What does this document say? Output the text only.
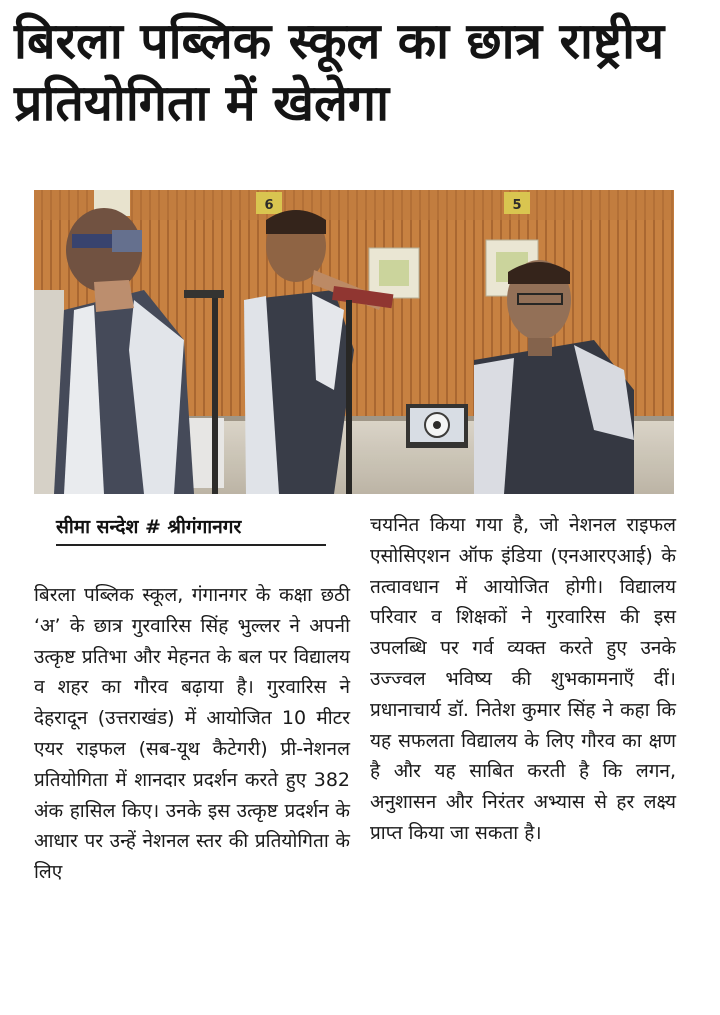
बिरला पब्लिक स्कूल का छात्र राष्ट्रीय प्रतियोगिता में खेलेगा
6	5
सीमा सन्देश # श्रीगंगानगर
बिरला पब्लिक स्कूल, गंगानगर के कक्षा छठी ‘अ’ के छात्र गुरवारिस सिंह भुल्लर ने अपनी उत्कृष्ट प्रतिभा और मेहनत के बल पर विद्यालय व शहर का गौरव बढ़ाया है। गुरवारिस ने देहरादून (उत्तराखंड) में आयोजित 10 मीटर एयर राइफल (सब-यूथ कैटेगरी) प्री-नेशनल प्रतियोगिता में शानदार प्रदर्शन करते हुए 382 अंक हासिल किए। उनके इस उत्कृष्ट प्रदर्शन के आधार पर उन्हें नेशनल स्तर की प्रतियोगिता के लिए
चयनित किया गया है, जो नेशनल राइफल एसोसिएशन ऑफ इंडिया (एनआरएआई) के तत्वावधान में आयोजित होगी। विद्यालय परिवार व शिक्षकों ने गुरवारिस की इस उपलब्धि पर गर्व व्यक्त करते हुए उनके उज्ज्वल भविष्य की शुभकामनाएँ दीं। प्रधानाचार्य डॉ. नितेश कुमार सिंह ने कहा कि यह सफलता विद्यालय के लिए गौरव का क्षण है और यह साबित करती है कि लगन, अनुशासन और निरंतर अभ्यास से हर लक्ष्य प्राप्त किया जा सकता है।
